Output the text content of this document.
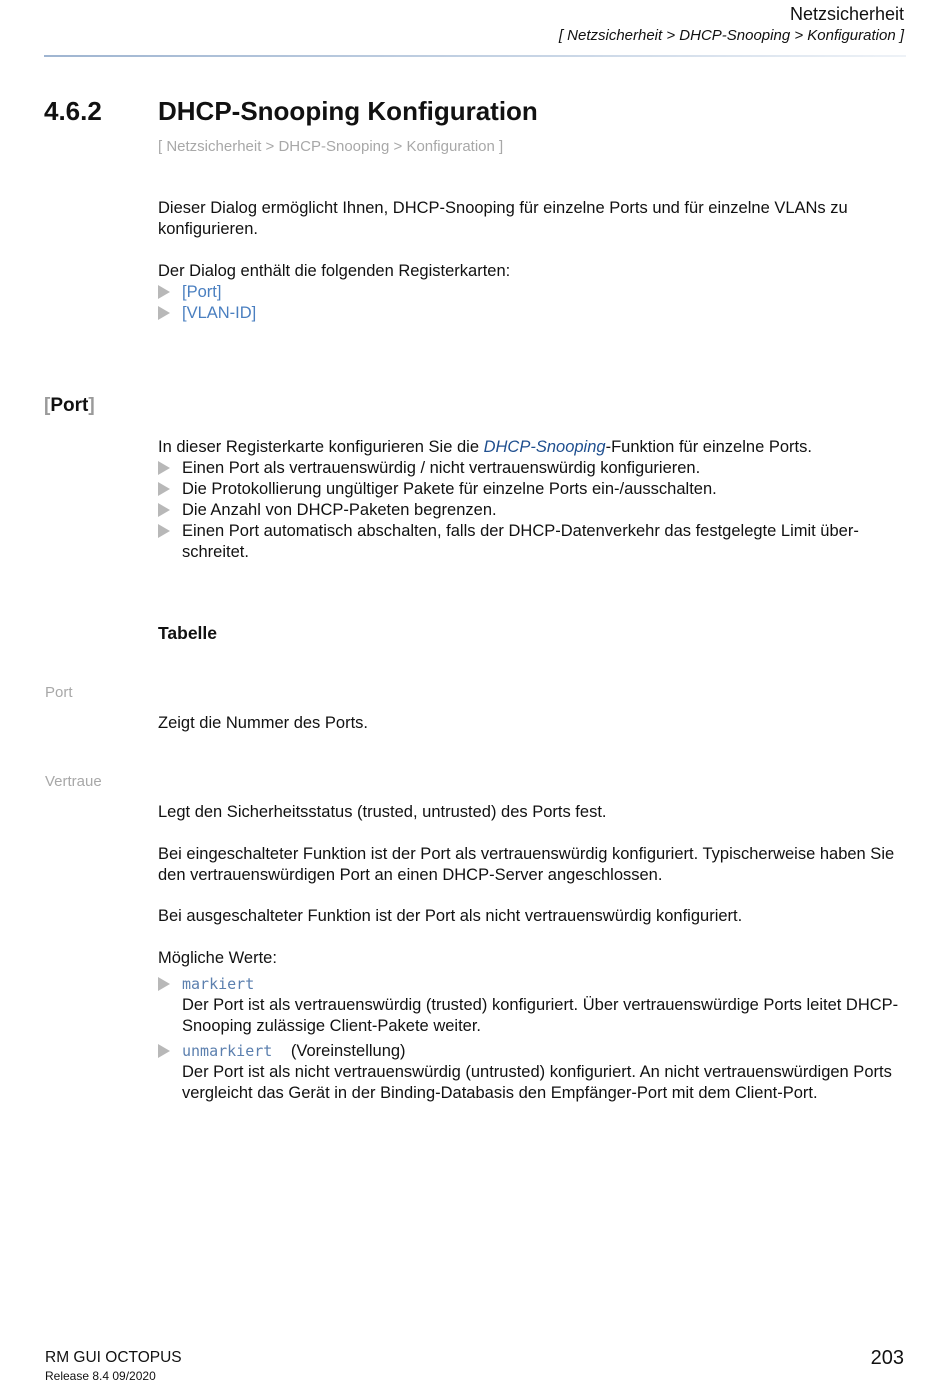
Netzsicherheit
[ Netzsicherheit > DHCP-Snooping > Konfiguration ]
4.6.2 DHCP-Snooping Konfiguration
[ Netzsicherheit > DHCP-Snooping > Konfiguration ]
Dieser Dialog ermöglicht Ihnen, DHCP-Snooping für einzelne Ports und für einzelne VLANs zu konfigurieren.
Der Dialog enthält die folgenden Registerkarten:
[Port]
[VLAN-ID]
[Port]
In dieser Registerkarte konfigurieren Sie die DHCP-Snooping-Funktion für einzelne Ports.
Einen Port als vertrauenswürdig / nicht vertrauenswürdig konfigurieren.
Die Protokollierung ungültiger Pakete für einzelne Ports ein-/ausschalten.
Die Anzahl von DHCP-Paketen begrenzen.
Einen Port automatisch abschalten, falls der DHCP-Datenverkehr das festgelegte Limit über-schreitet.
Tabelle
Port
Zeigt die Nummer des Ports.
Vertraue
Legt den Sicherheitsstatus (trusted, untrusted) des Ports fest.
Bei eingeschalteter Funktion ist der Port als vertrauenswürdig konfiguriert. Typischerweise haben Sie den vertrauenswürdigen Port an einen DHCP-Server angeschlossen.
Bei ausgeschalteter Funktion ist der Port als nicht vertrauenswürdig konfiguriert.
Mögliche Werte:
markiert
Der Port ist als vertrauenswürdig (trusted) konfiguriert. Über vertrauenswürdige Ports leitet DHCP-Snooping zulässige Client-Pakete weiter.
unmarkiert (Voreinstellung)
Der Port ist als nicht vertrauenswürdig (untrusted) konfiguriert. An nicht vertrauenswürdigen Ports vergleicht das Gerät in der Binding-Databasis den Empfänger-Port mit dem Client-Port.
RM GUI OCTOPUS
Release 8.4 09/2020
203
